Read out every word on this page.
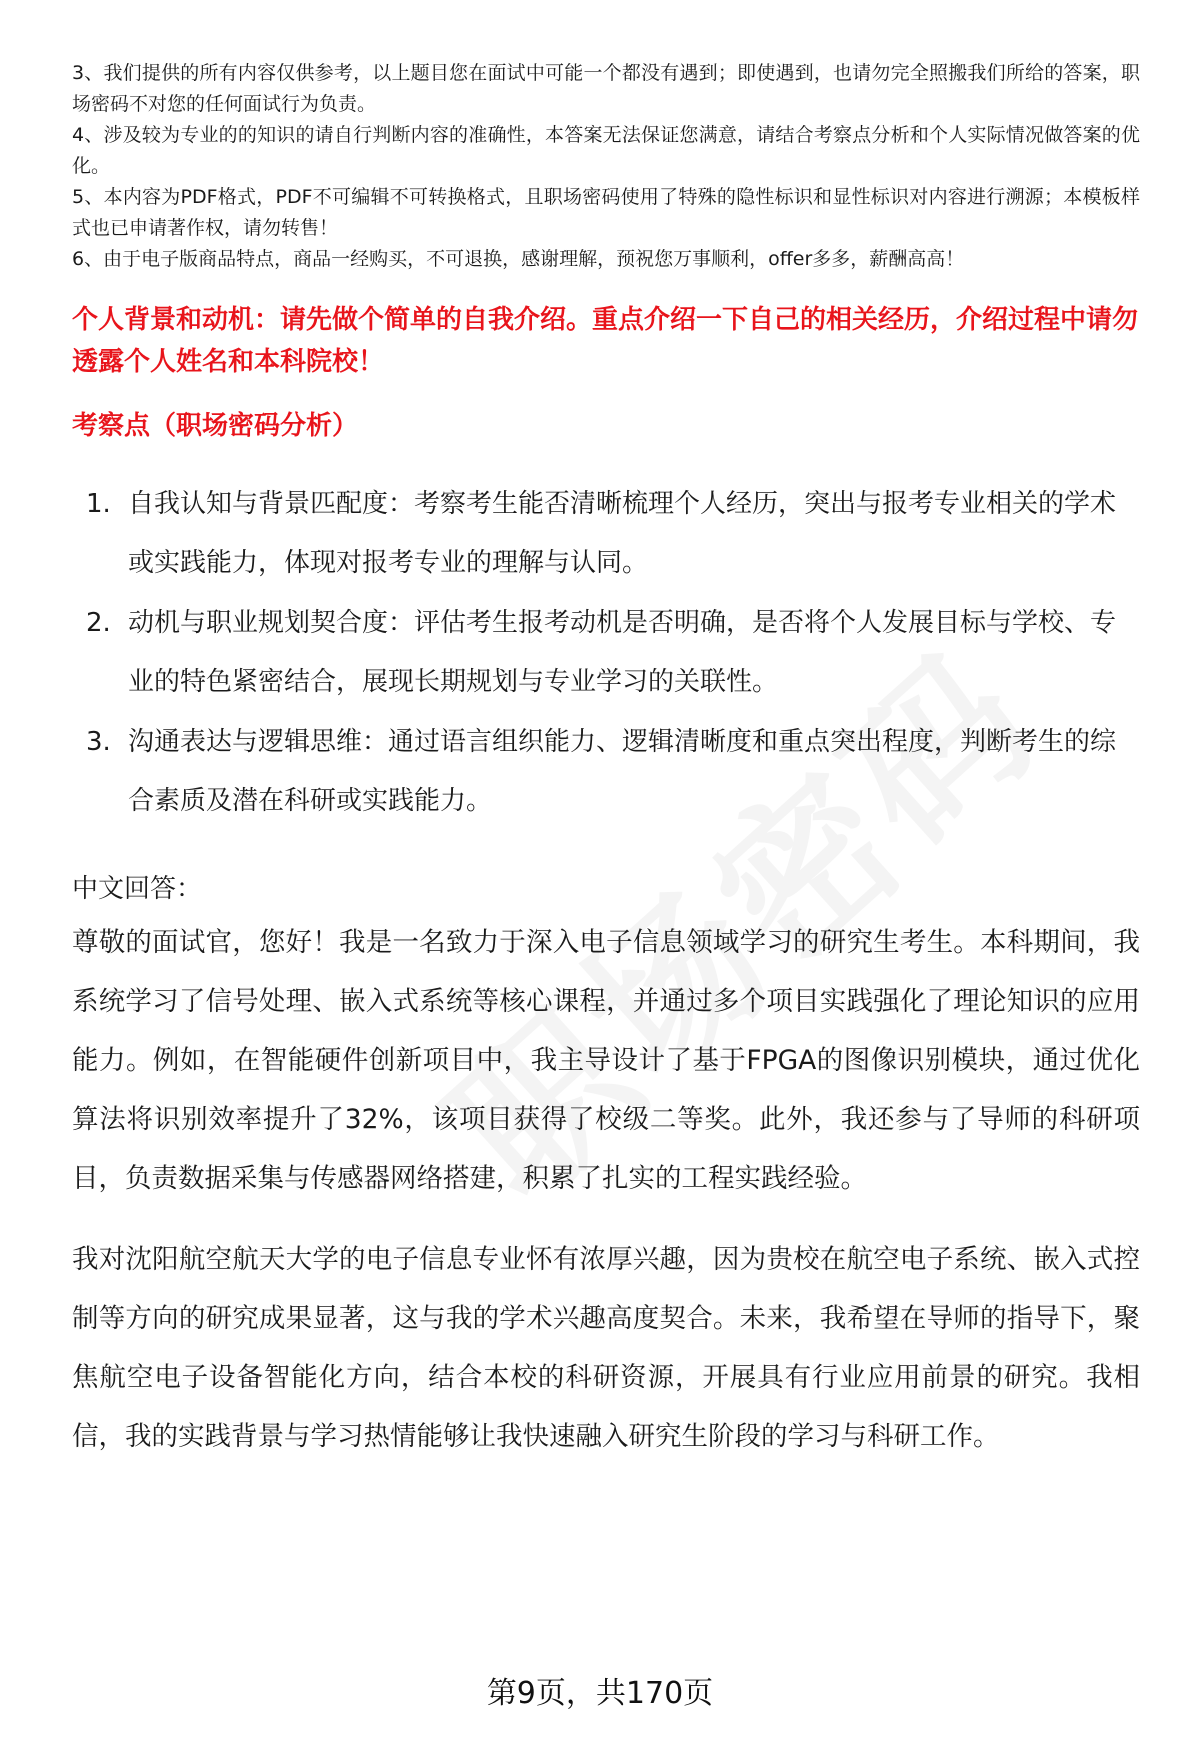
3、我们提供的所有内容仅供参考，以上题目您在面试中可能一个都没有遇到；即使遇到，也请勿完全照搬我们所给的答案，职场密码不对您的任何面试行为负责。

4、涉及较为专业的的知识的请自行判断内容的准确性，本答案无法保证您满意，请结合考察点分析和个人实际情况做答案的优化。

5、本内容为PDF格式，PDF不可编辑不可转换格式，且职场密码使用了特殊的隐性标识和显性标识对内容进行溯源；本模板样式也已申请著作权，请勿转售！

6、由于电子版商品特点，商品一经购买，不可退换，感谢理解，预祝您万事顺利，offer多多，薪酬高高！

个人背景和动机：请先做个简单的自我介绍。重点介绍一下自己的相关经历，介绍过程中请勿透露个人姓名和本科院校！
考察点（职场密码分析）
1. 自我认知与背景匹配度：考察考生能否清晰梳理个人经历，突出与报考专业相关的学术或实践能力，体现对报考专业的理解与认同。
2. 动机与职业规划契合度：评估考生报考动机是否明确，是否将个人发展目标与学校、专业的特色紧密结合，展现长期规划与专业学习的关联性。
3. 沟通表达与逻辑思维：通过语言组织能力、逻辑清晰度和重点突出程度，判断考生的综合素质及潜在科研或实践能力。
中文回答：

尊敬的面试官，您好！我是一名致力于深入电子信息领域学习的研究生考生。本科期间，我系统学习了信号处理、嵌入式系统等核心课程，并通过多个项目实践强化了理论知识的应用能力。例如，在智能硬件创新项目中，我主导设计了基于FPGA的图像识别模块，通过优化算法将识别效率提升了32%，该项目获得了校级二等奖。此外，我还参与了导师的科研项目，负责数据采集与传感器网络搭建，积累了扎实的工程实践经验。

我对沈阳航空航天大学的电子信息专业怀有浓厚兴趣，因为贵校在航空电子系统、嵌入式控制等方向的研究成果显著，这与我的学术兴趣高度契合。未来，我希望在导师的指导下，聚焦航空电子设备智能化方向，结合本校的科研资源，开展具有行业应用前景的研究。我相信，我的实践背景与学习热情能够让我快速融入研究生阶段的学习与科研工作。

第9页，共170页
